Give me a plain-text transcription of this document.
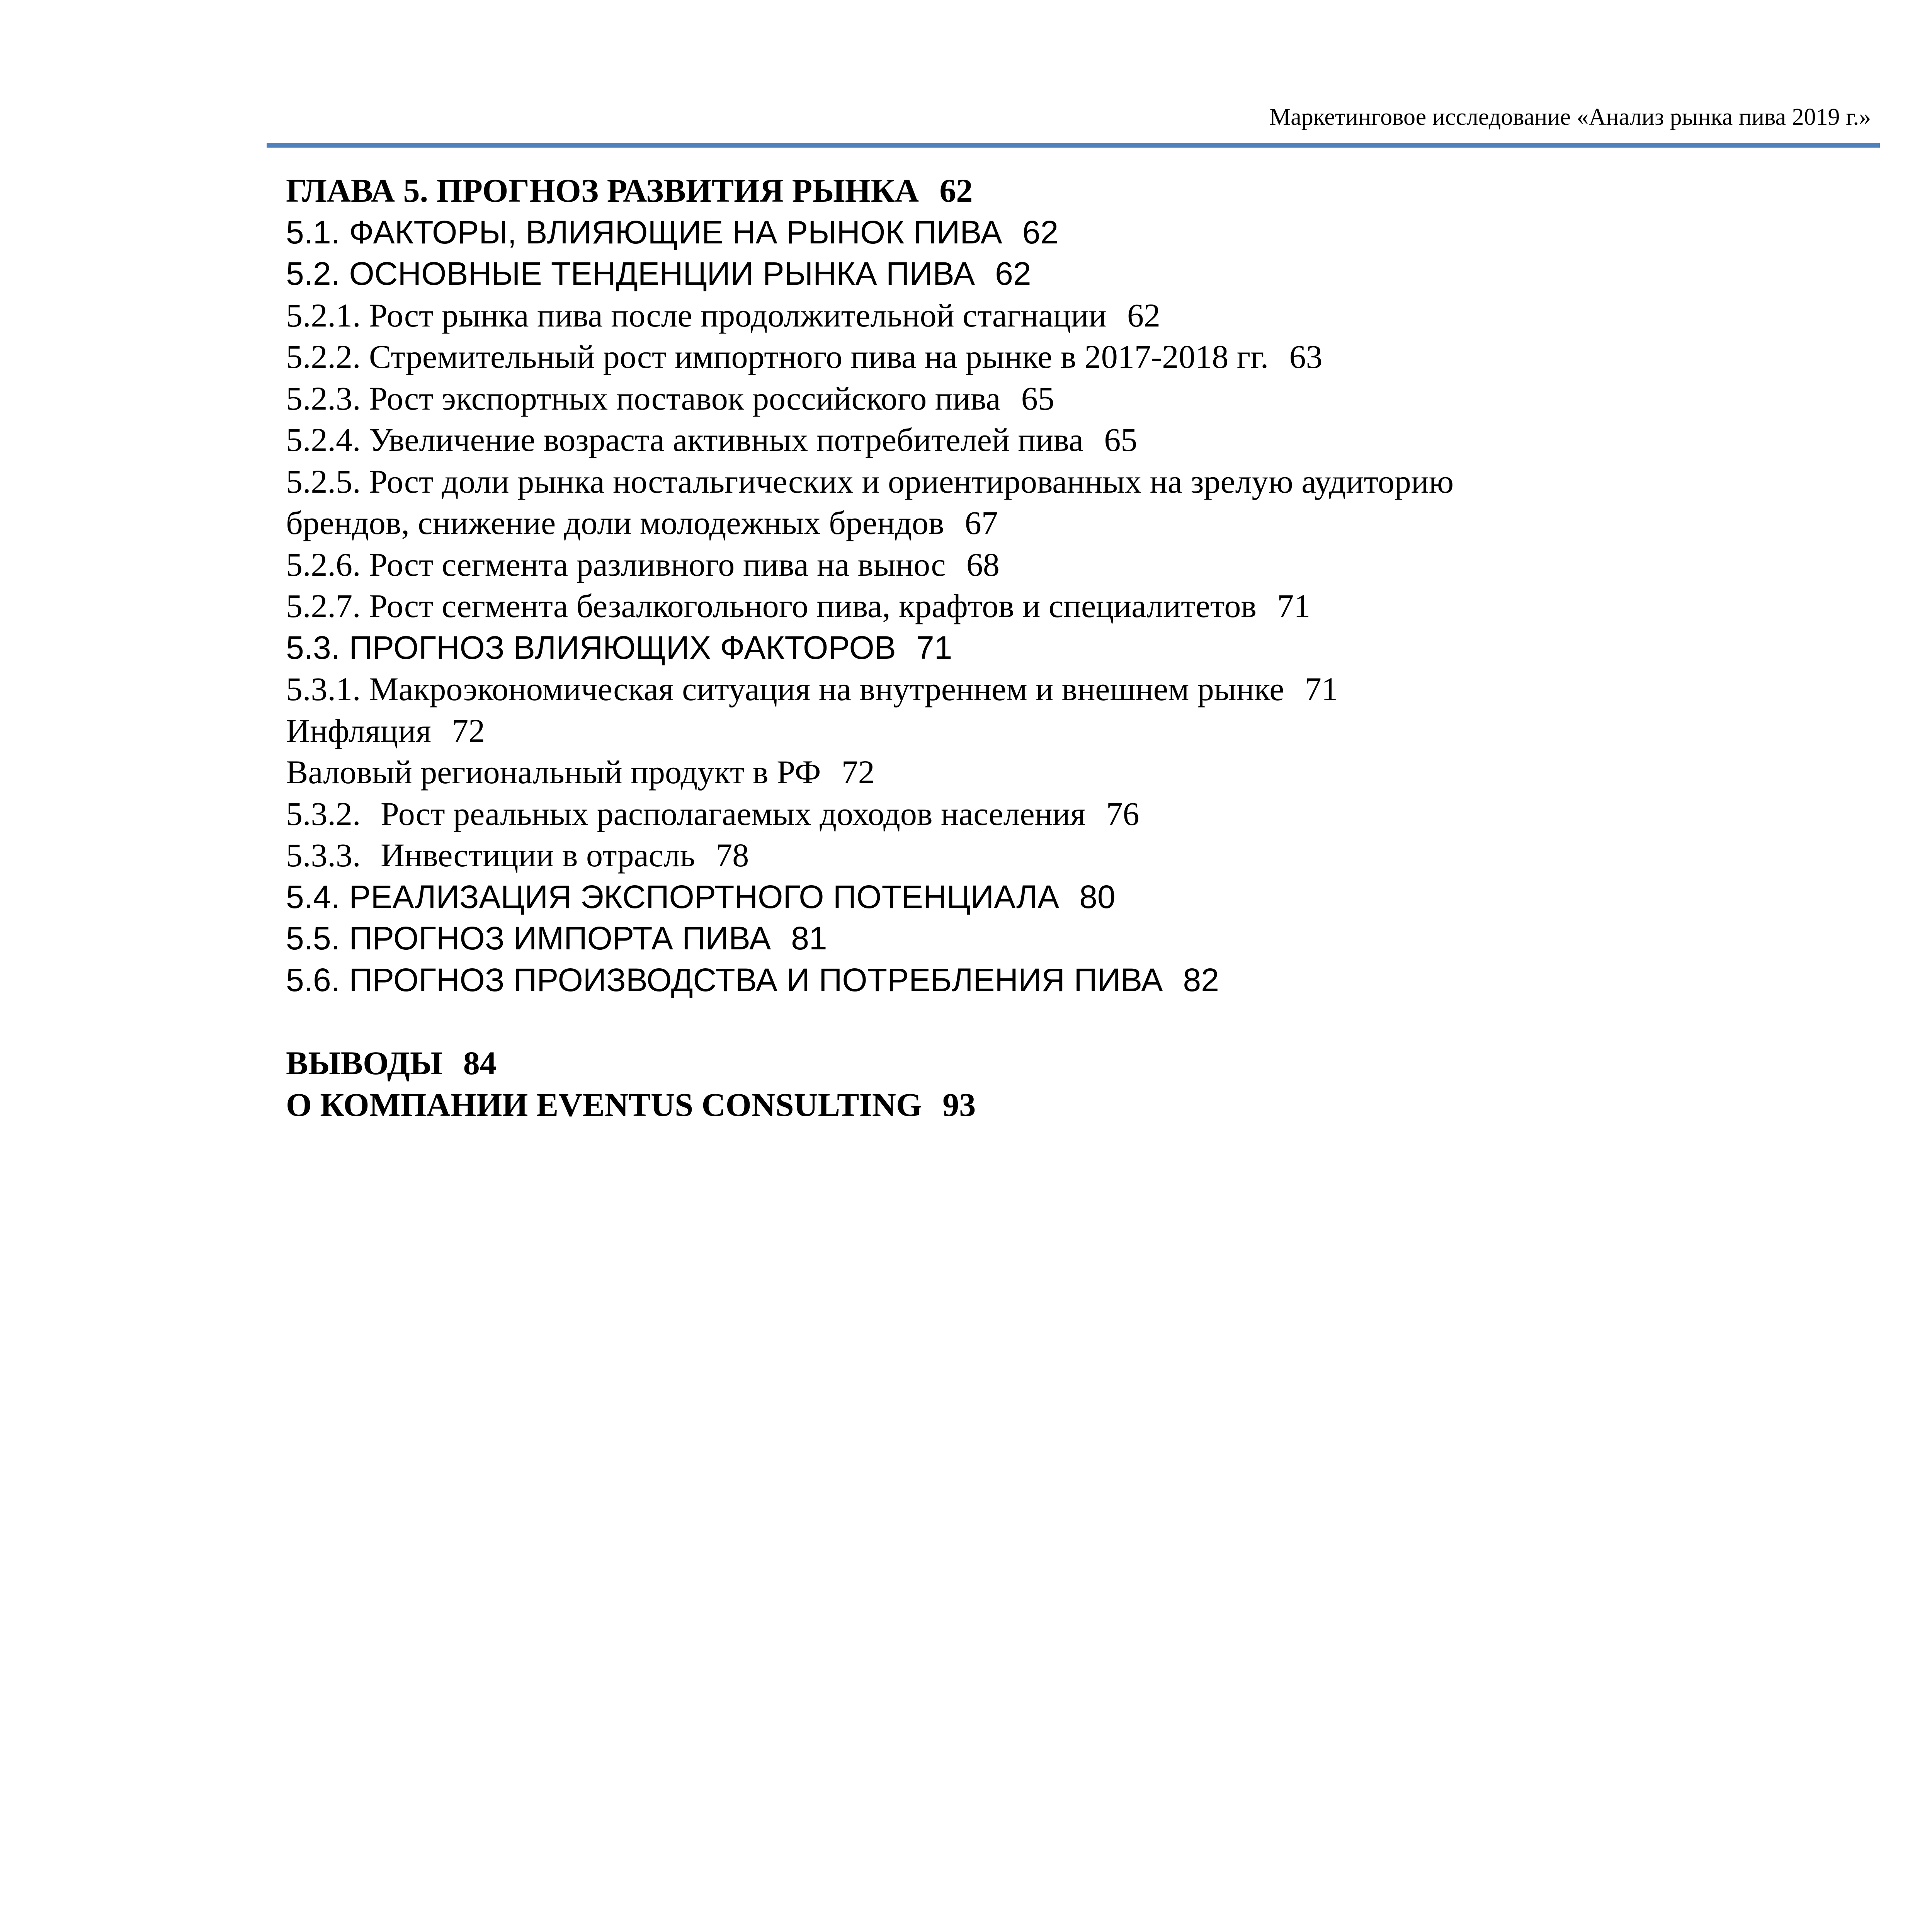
Маркетинговое исследование «Анализ рынка пива 2019 г.»

ГЛАВА 5. ПРОГНОЗ РАЗВИТИЯ РЫНКА 62

5.1. ФАКТОРЫ, ВЛИЯЮЩИЕ НА РЫНОК ПИВА 62

5.2. ОСНОВНЫЕ ТЕНДЕНЦИИ РЫНКА ПИВА 62

5.2.1. Рост рынка пива после продолжительной стагнации 62

5.2.2. Стремительный рост импортного пива на рынке в 2017-2018 гг. 63

5.2.3. Рост экспортных поставок российского пива 65

5.2.4. Увеличение возраста активных потребителей пива 65

5.2.5. Рост доли рынка ностальгических и ориентированных на зрелую аудиторию

брендов, снижение доли молодежных брендов 67

5.2.6. Рост сегмента разливного пива на вынос 68

5.2.7. Рост сегмента безалкогольного пива, крафтов и специалитетов 71

5.3. ПРОГНОЗ ВЛИЯЮЩИХ ФАКТОРОВ 71

5.3.1. Макроэкономическая ситуация на внутреннем и внешнем рынке 71

Инфляция 72

Валовый региональный продукт в РФ 72

5.3.2. Рост реальных располагаемых доходов населения 76

5.3.3. Инвестиции в отрасль 78

5.4. РЕАЛИЗАЦИЯ ЭКСПОРТНОГО ПОТЕНЦИАЛА 80

5.5. ПРОГНОЗ ИМПОРТА ПИВА 81

5.6. ПРОГНОЗ ПРОИЗВОДСТВА И ПОТРЕБЛЕНИЯ ПИВА 82

ВЫВОДЫ 84

О КОМПАНИИ EVENTUS CONSULTING 93
